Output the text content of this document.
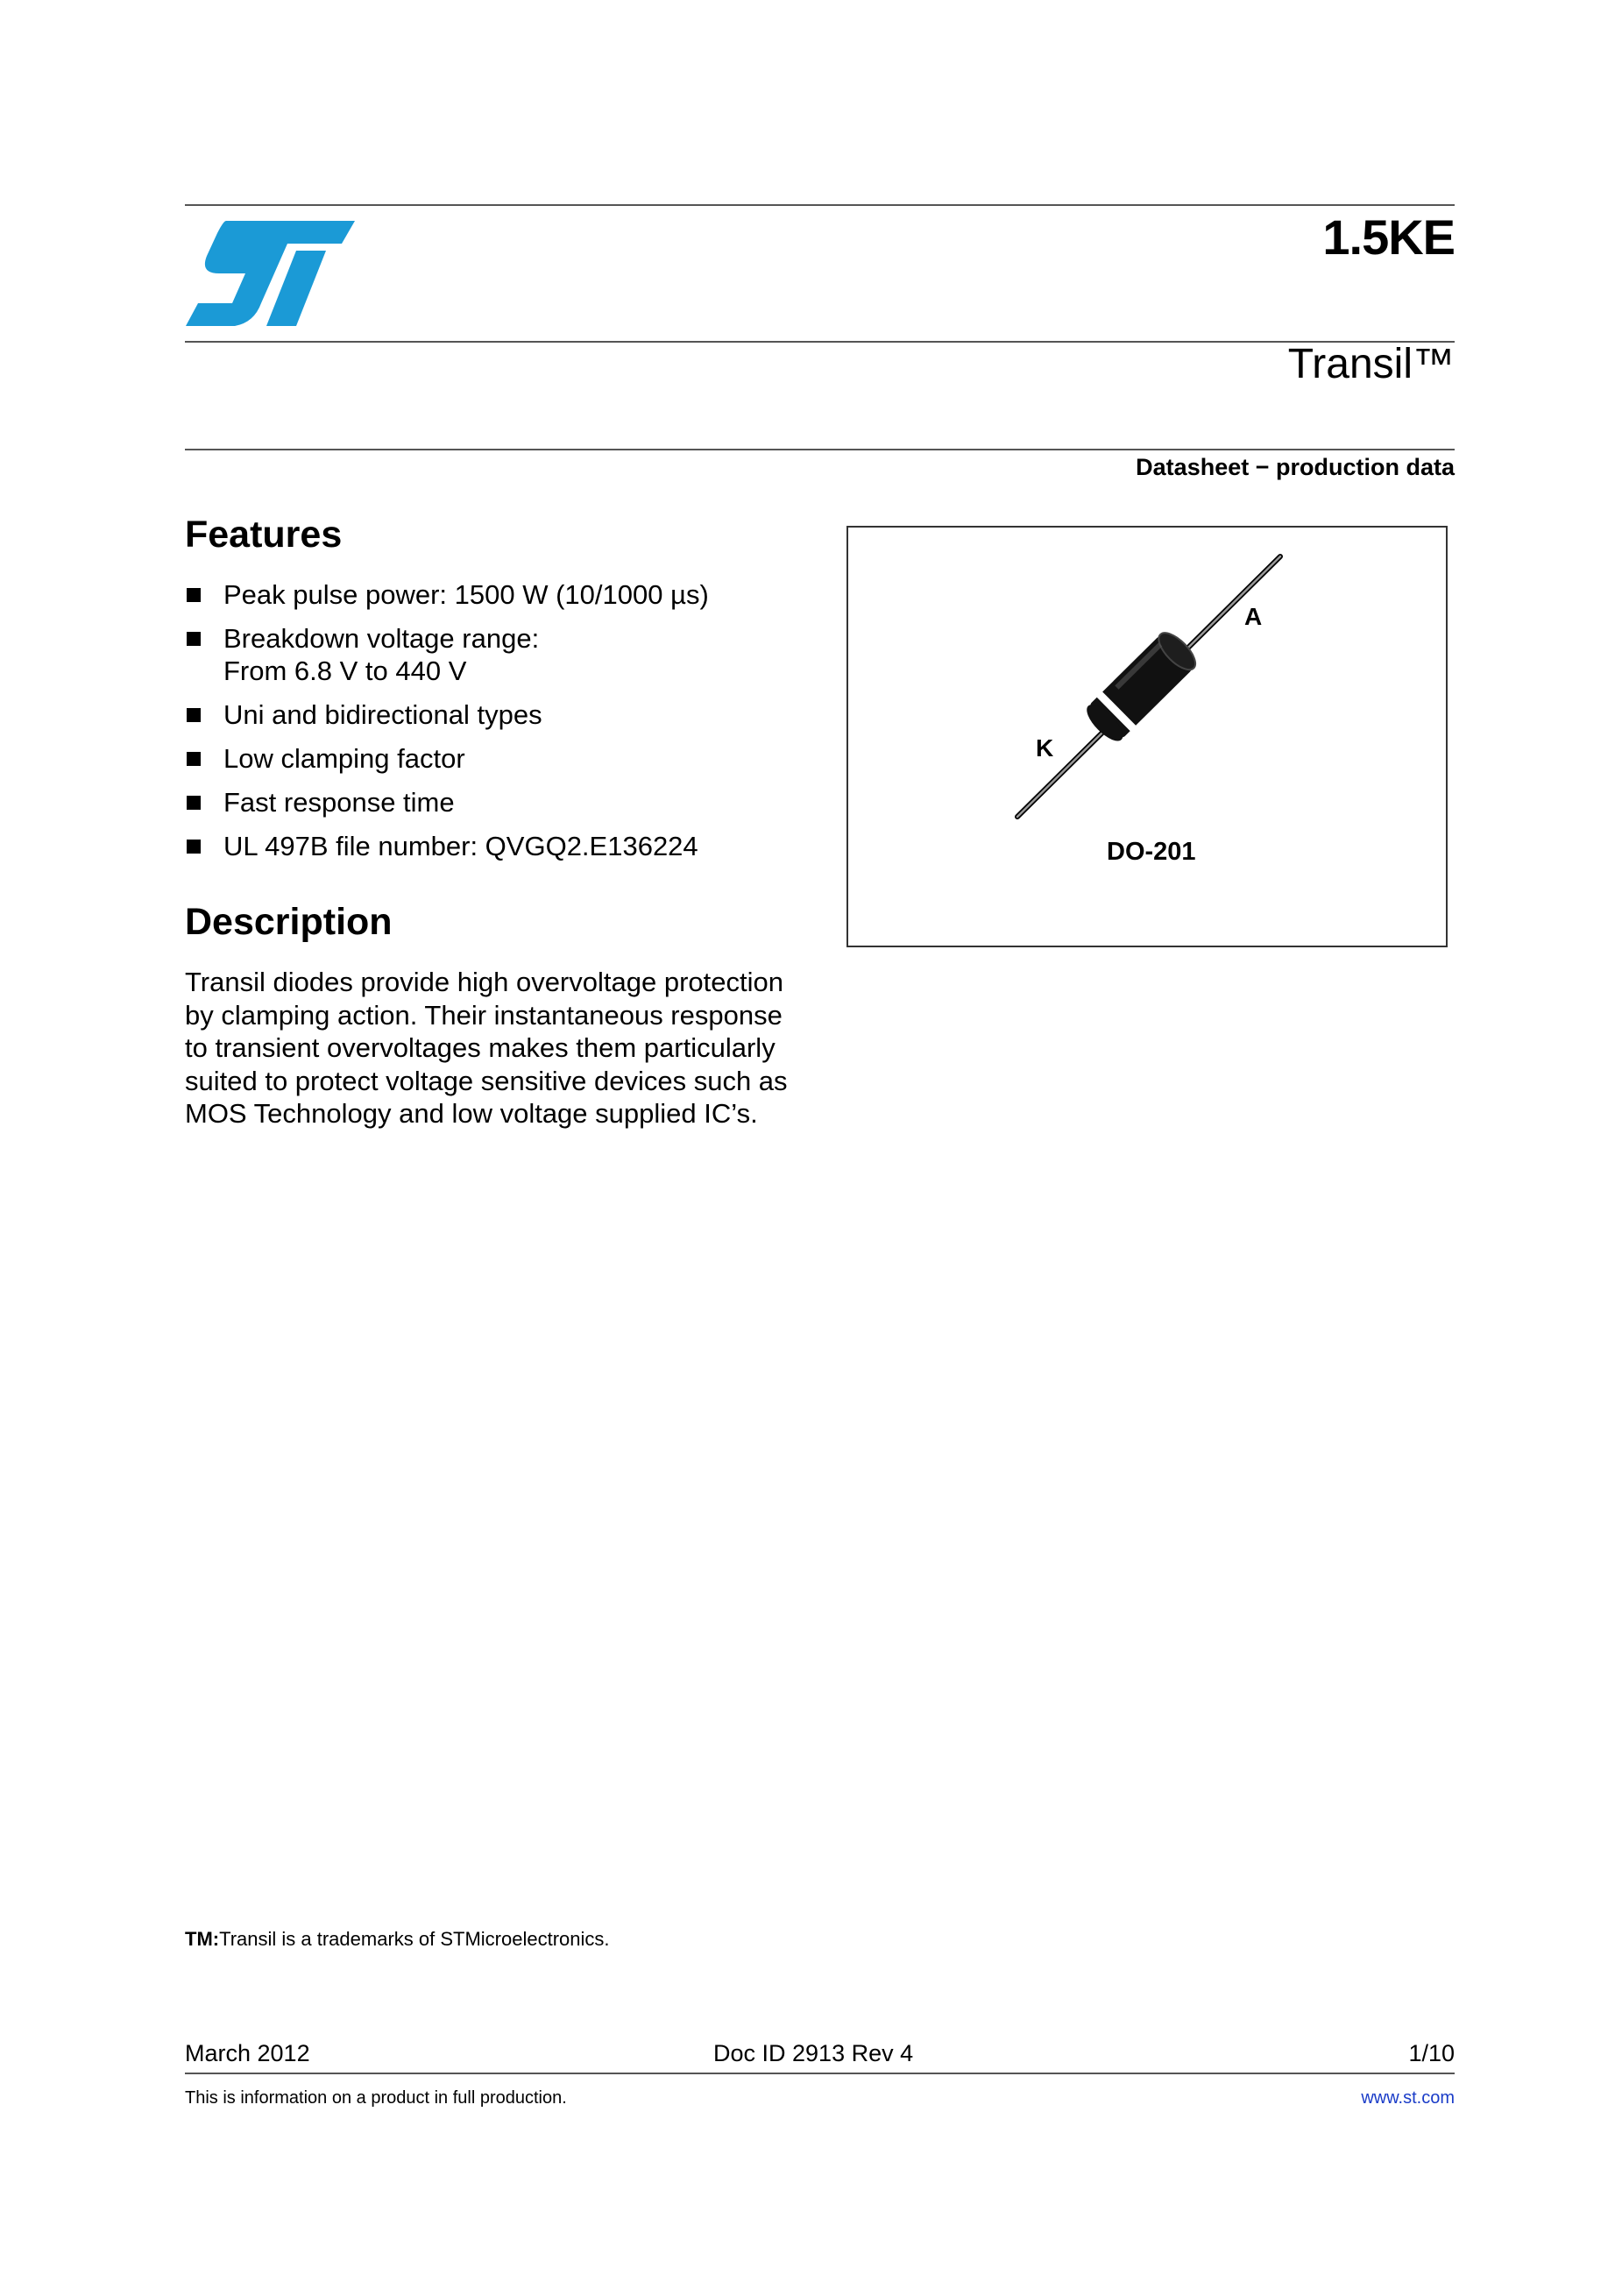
1.5KE
Transil™
Datasheet − production data
Features
Peak pulse power: 1500 W (10/1000 µs)
Breakdown voltage range:
From 6.8 V to 440 V
Uni and bidirectional types
Low clamping factor
Fast response time
UL 497B file number: QVGQ2.E136224
Description
Transil diodes provide high overvoltage protection by clamping action. Their instantaneous response to transient overvoltages makes them particularly suited to protect voltage sensitive devices such as MOS Technology and low voltage supplied IC’s.
A
K
DO-201
TM:Transil is a trademarks of STMicroelectronics.
March 2012	Doc ID 2913 Rev 4	1/10
This is information on a product in full production.	www.st.com
